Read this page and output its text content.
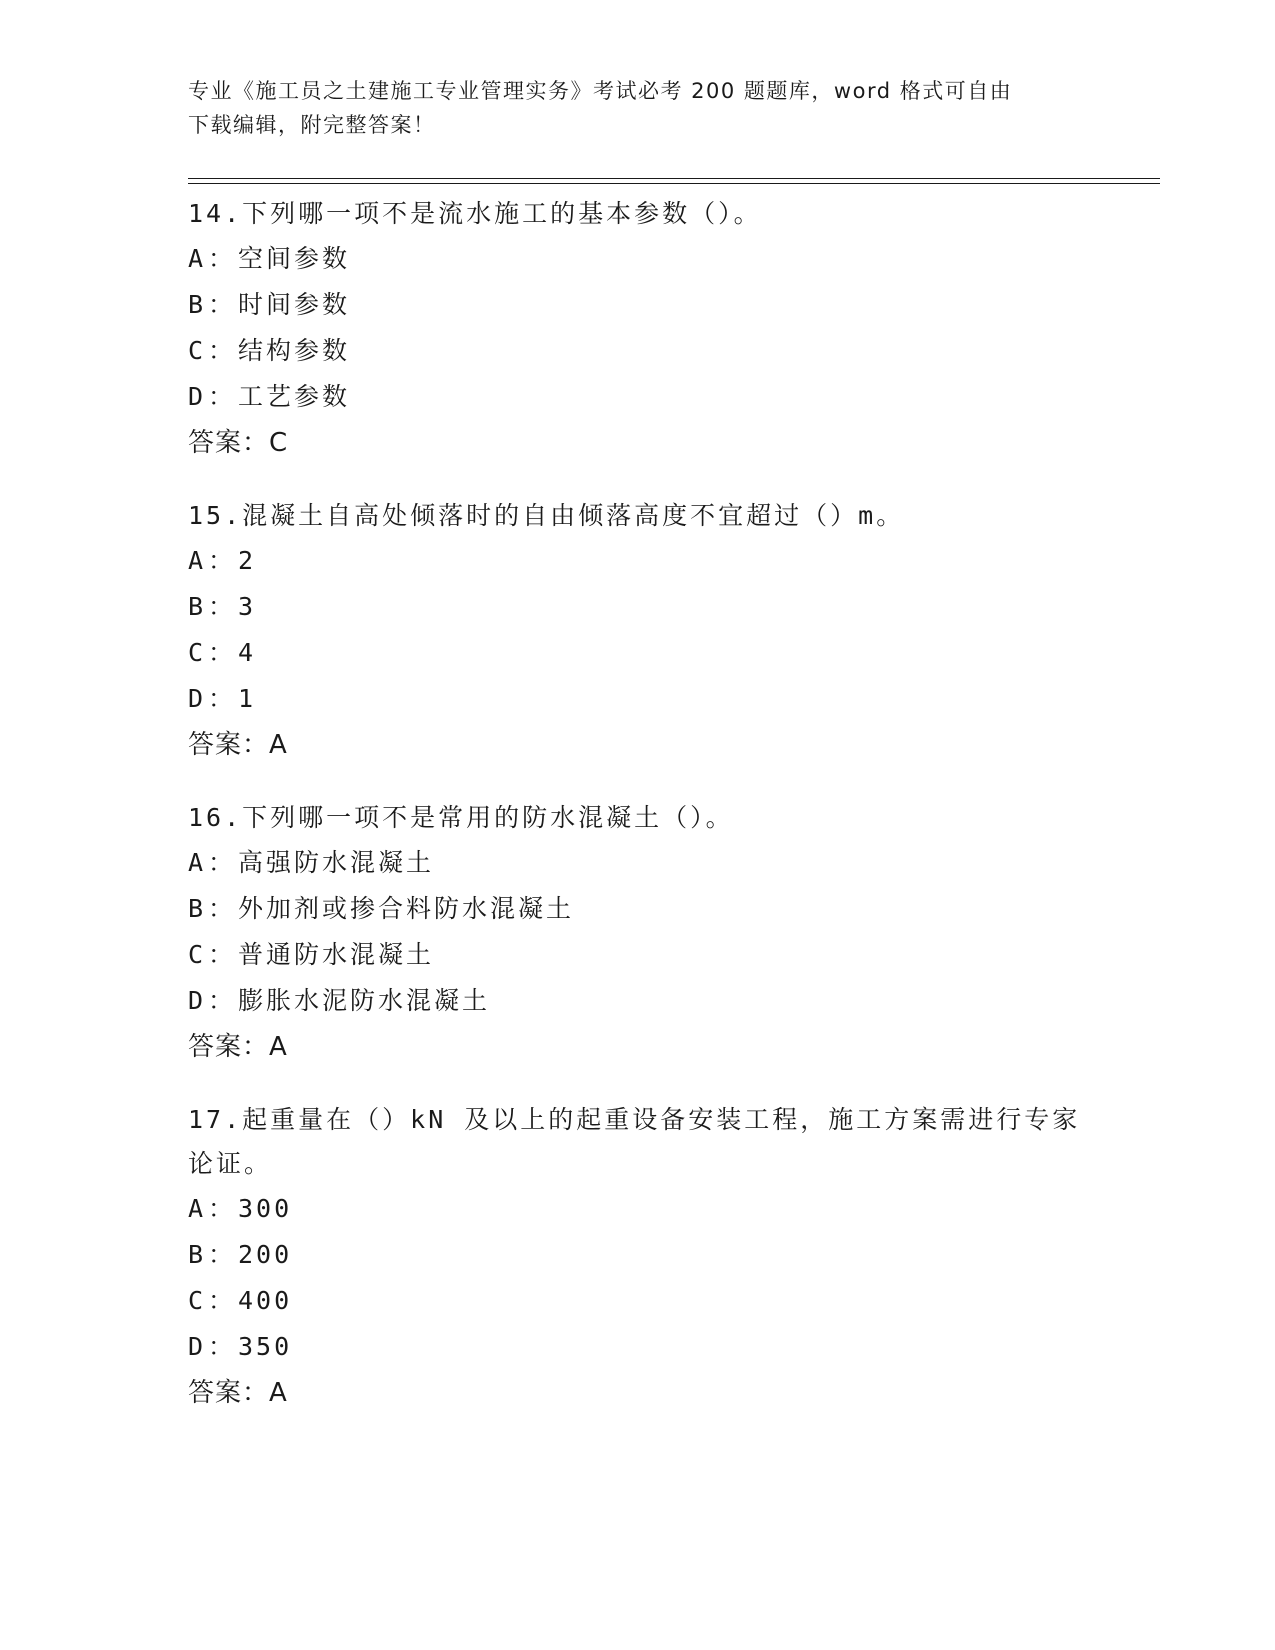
专业《施工员之土建施工专业管理实务》考试必考 200 题题库，word 格式可自由
下载编辑，附完整答案！
14.下列哪一项不是流水施工的基本参数（）。
A：空间参数
B：时间参数
C：结构参数
D：工艺参数
答案：C
15.混凝土自高处倾落时的自由倾落高度不宜超过（）m。
A：2
B：3
C：4
D：1
答案：A
16.下列哪一项不是常用的防水混凝土（）。
A：高强防水混凝土
B：外加剂或掺合料防水混凝土
C：普通防水混凝土
D：膨胀水泥防水混凝土
答案：A
17.起重量在（）kN 及以上的起重设备安装工程，施工方案需进行专家
论证。
A：300
B：200
C：400
D：350
答案：A
